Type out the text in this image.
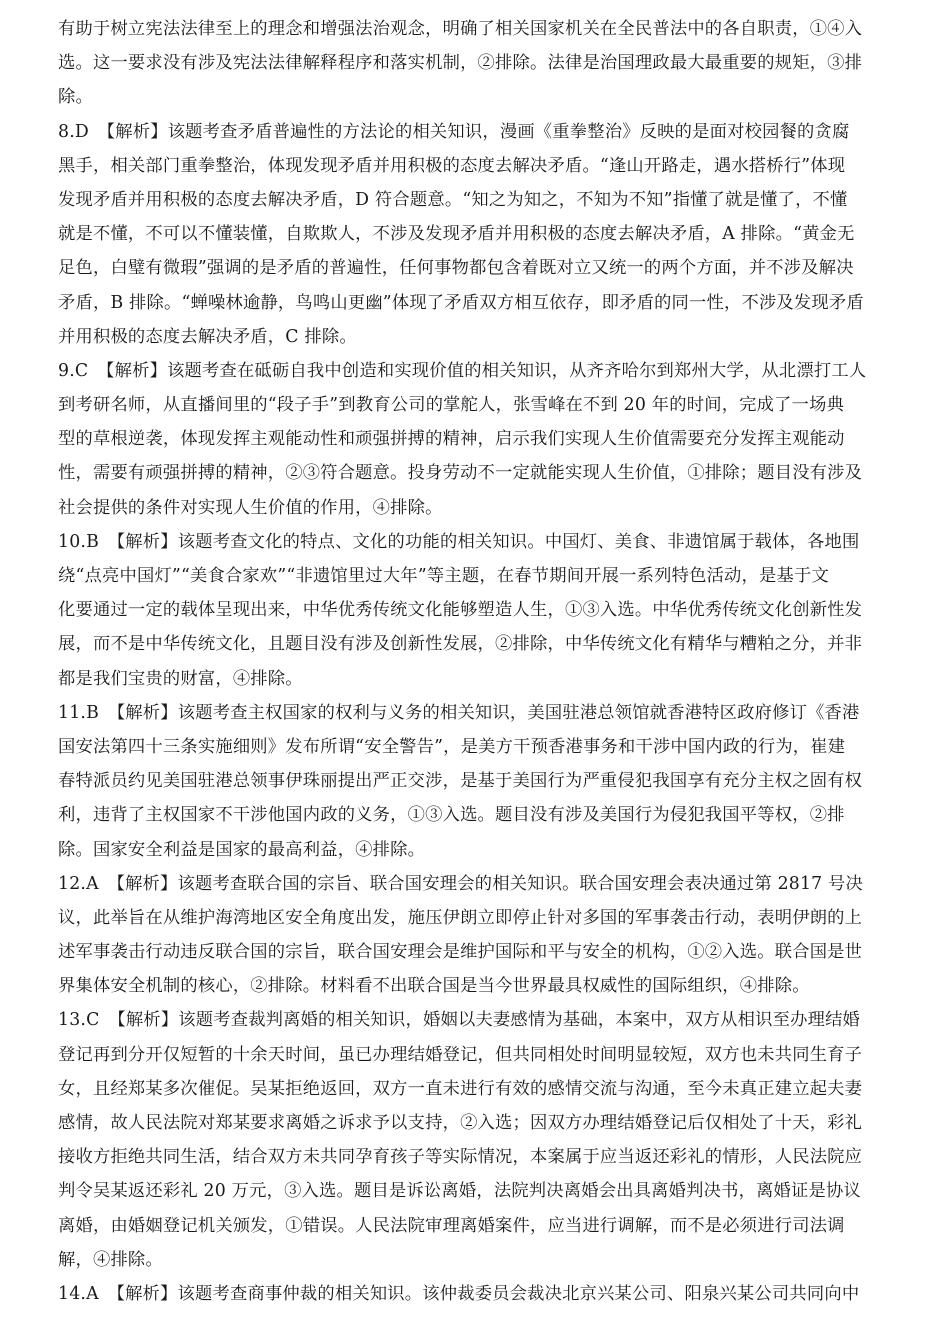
有助于树立宪法法律至上的理念和增强法治观念，明确了相关国家机关在全民普法中的各自职责，①④入
选。这一要求没有涉及宪法法律解释程序和落实机制，②排除。法律是治国理政最大最重要的规矩，③排
除。
8.D　【解析】该题考查矛盾普遍性的方法论的相关知识，漫画《重拳整治》反映的是面对校园餐的贪腐
黑手，相关部门重拳整治，体现发现矛盾并用积极的态度去解决矛盾。“逢山开路走，遇水搭桥行”体现
发现矛盾并用积极的态度去解决矛盾，D 符合题意。“知之为知之，不知为不知”指懂了就是懂了，不懂
就是不懂，不可以不懂装懂，自欺欺人，不涉及发现矛盾并用积极的态度去解决矛盾，A 排除。“黄金无
足色，白璧有微瑕”强调的是矛盾的普遍性，任何事物都包含着既对立又统一的两个方面，并不涉及解决
矛盾，B 排除。“蝉噪林逾静，鸟鸣山更幽”体现了矛盾双方相互依存，即矛盾的同一性，不涉及发现矛盾
并用积极的态度去解决矛盾，C 排除。
9.C　【解析】该题考查在砥砺自我中创造和实现价值的相关知识，从齐齐哈尔到郑州大学，从北漂打工人
到考研名师，从直播间里的“段子手”到教育公司的掌舵人，张雪峰在不到 20 年的时间，完成了一场典
型的草根逆袭，体现发挥主观能动性和顽强拼搏的精神，启示我们实现人生价值需要充分发挥主观能动
性，需要有顽强拼搏的精神，②③符合题意。投身劳动不一定就能实现人生价值，①排除；题目没有涉及
社会提供的条件对实现人生价值的作用，④排除。
10.B　【解析】该题考查文化的特点、文化的功能的相关知识。中国灯、美食、非遗馆属于载体，各地围
绕“点亮中国灯”“美食合家欢”“非遗馆里过大年”等主题，在春节期间开展一系列特色活动，是基于文
化要通过一定的载体呈现出来，中华优秀传统文化能够塑造人生，①③入选。中华优秀传统文化创新性发
展，而不是中华传统文化，且题目没有涉及创新性发展，②排除，中华传统文化有精华与糟粕之分，并非
都是我们宝贵的财富，④排除。
11.B　【解析】该题考查主权国家的权利与义务的相关知识，美国驻港总领馆就香港特区政府修订《香港
国安法第四十三条实施细则》发布所谓“安全警告”，是美方干预香港事务和干涉中国内政的行为，崔建
春特派员约见美国驻港总领事伊珠丽提出严正交涉，是基于美国行为严重侵犯我国享有充分主权之固有权
利，违背了主权国家不干涉他国内政的义务，①③入选。题目没有涉及美国行为侵犯我国平等权，②排
除。国家安全利益是国家的最高利益，④排除。
12.A　【解析】该题考查联合国的宗旨、联合国安理会的相关知识。联合国安理会表决通过第 2817 号决
议，此举旨在从维护海湾地区安全角度出发，施压伊朗立即停止针对多国的军事袭击行动，表明伊朗的上
述军事袭击行动违反联合国的宗旨，联合国安理会是维护国际和平与安全的机构，①②入选。联合国是世
界集体安全机制的核心，②排除。材料看不出联合国是当今世界最具权威性的国际组织，④排除。
13.C　【解析】该题考查裁判离婚的相关知识，婚姻以夫妻感情为基础，本案中，双方从相识至办理结婚
登记再到分开仅短暂的十余天时间，虽已办理结婚登记，但共同相处时间明显较短，双方也未共同生育子
女，且经郑某多次催促。吴某拒绝返回，双方一直未进行有效的感情交流与沟通，至今未真正建立起夫妻
感情，故人民法院对郑某要求离婚之诉求予以支持，②入选；因双方办理结婚登记后仅相处了十天，彩礼
接收方拒绝共同生活，结合双方未共同孕育孩子等实际情况，本案属于应当返还彩礼的情形，人民法院应
判令吴某返还彩礼 20 万元，③入选。题目是诉讼离婚，法院判决离婚会出具离婚判决书，离婚证是协议
离婚，由婚姻登记机关颁发，①错误。人民法院审理离婚案件，应当进行调解，而不是必须进行司法调
解，④排除。
14.A　【解析】该题考查商事仲裁的相关知识。该仲裁委员会裁决北京兴某公司、阳泉兴某公司共同向中
